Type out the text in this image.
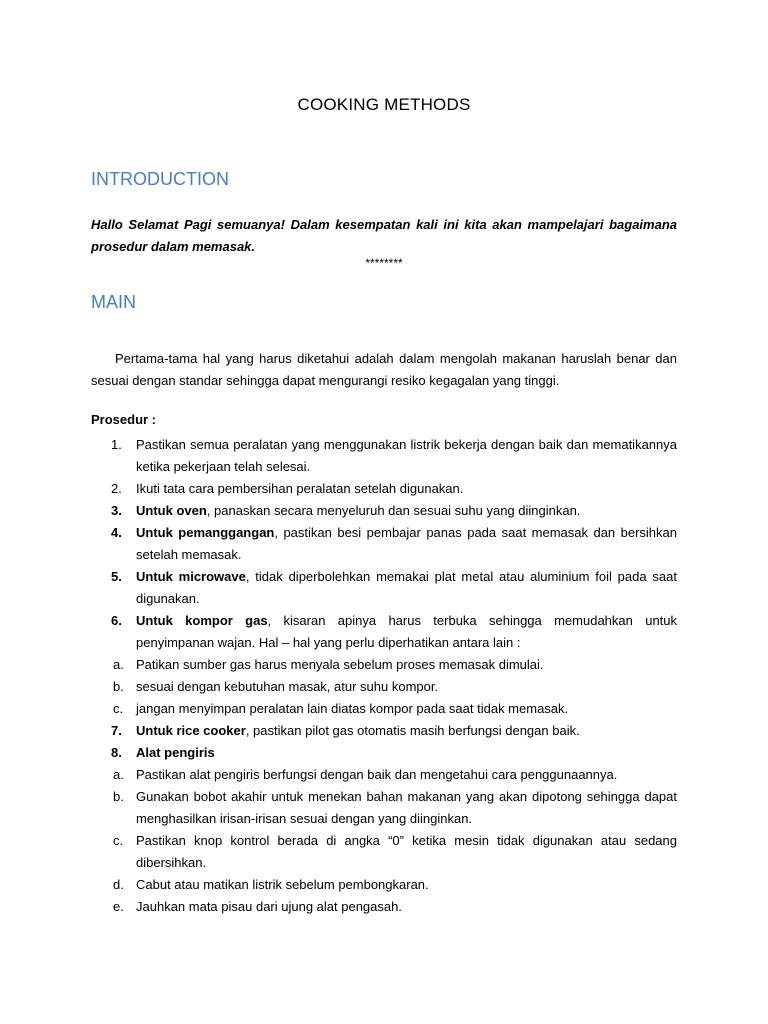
COOKING METHODS
INTRODUCTION
Hallo Selamat Pagi semuanya! Dalam kesempatan kali ini kita akan mampelajari bagaimana prosedur dalam memasak.
********
MAIN
Pertama-tama hal yang harus diketahui adalah dalam mengolah makanan haruslah benar dan sesuai dengan standar sehingga dapat mengurangi resiko kegagalan yang tinggi.
Prosedur :
1.	Pastikan semua peralatan yang menggunakan listrik bekerja dengan baik dan mematikannya ketika pekerjaan telah selesai.
2.	Ikuti tata cara pembersihan peralatan setelah digunakan.
3.	Untuk oven, panaskan secara menyeluruh dan sesuai suhu yang diinginkan.
4.	Untuk pemanggangan, pastikan besi pembajar panas pada saat memasak dan bersihkan setelah memasak.
5.	Untuk microwave, tidak diperbolehkan memakai plat metal atau aluminium foil pada saat digunakan.
6.	Untuk kompor gas, kisaran apinya harus terbuka sehingga memudahkan untuk penyimpanan wajan. Hal – hal yang perlu diperhatikan antara lain :
a. Patikan sumber gas harus menyala sebelum proses memasak dimulai.
b. sesuai dengan kebutuhan masak, atur suhu kompor.
c. jangan menyimpan peralatan lain diatas kompor pada saat tidak memasak.
7.	Untuk rice cooker, pastikan pilot gas otomatis masih berfungsi dengan baik.
8.	Alat pengiris
a. Pastikan alat pengiris berfungsi dengan baik dan mengetahui cara penggunaannya.
b. Gunakan bobot akahir untuk menekan bahan makanan yang akan dipotong sehingga dapat menghasilkan irisan-irisan sesuai dengan yang diinginkan.
c. Pastikan knop kontrol berada di angka “0” ketika mesin tidak digunakan atau sedang dibersihkan.
d. Cabut atau matikan listrik sebelum pembongkaran.
e. Jauhkan mata pisau dari ujung alat pengasah.
